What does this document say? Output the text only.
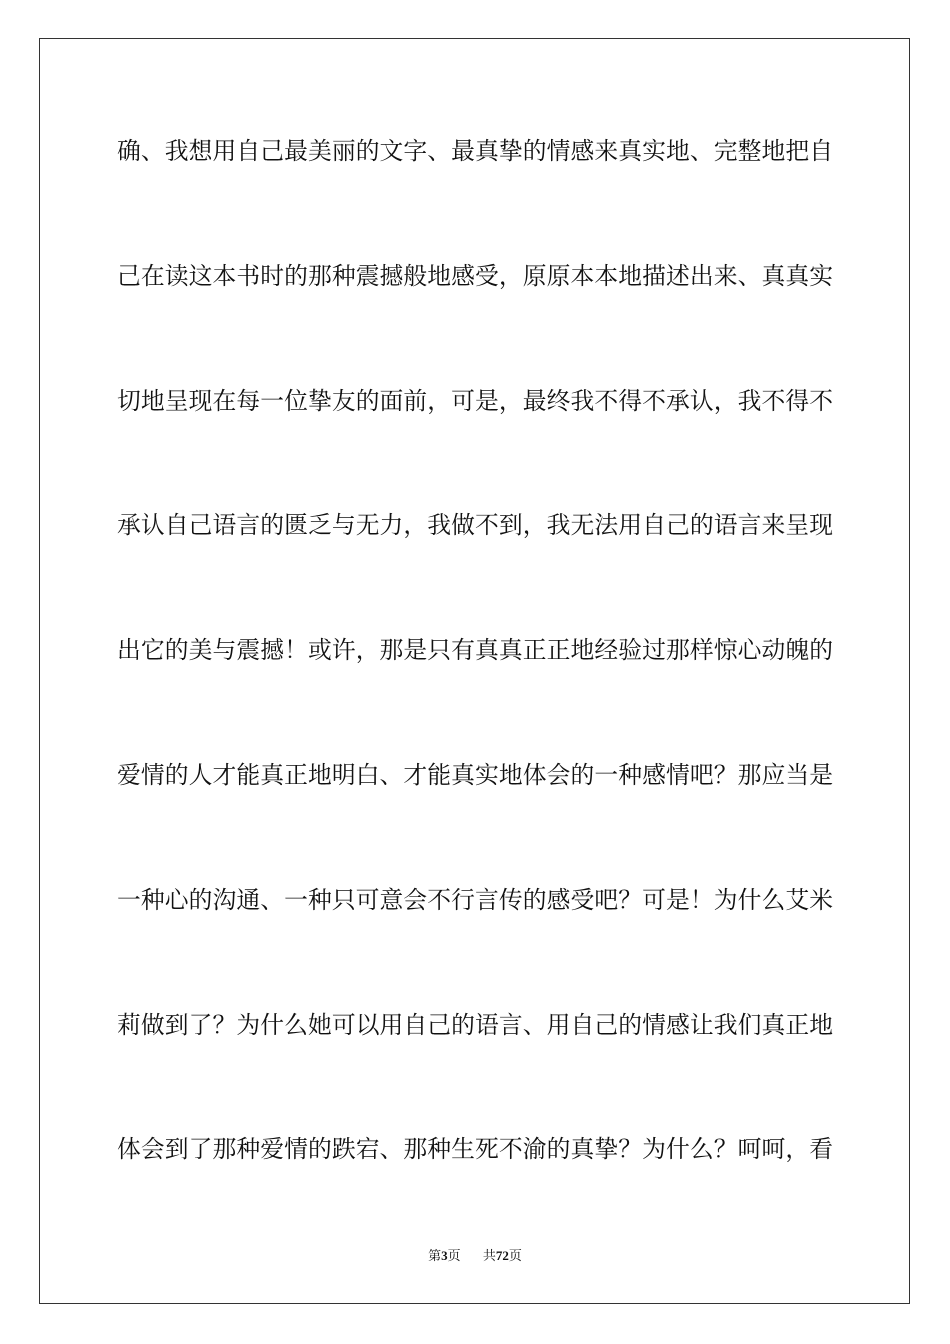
确、我想用自己最美丽的文字、最真挚的情感来真实地、完整地把自
己在读这本书时的那种震撼般地感受，原原本本地描述出来、真真实
切地呈现在每一位挚友的面前，可是，最终我不得不承认，我不得不
承认自己语言的匮乏与无力，我做不到，我无法用自己的语言来呈现
出它的美与震撼！或许，那是只有真真正正地经验过那样惊心动魄的
爱情的人才能真正地明白、才能真实地体会的一种感情吧？那应当是
一种心的沟通、一种只可意会不行言传的感受吧？可是！为什么艾米
莉做到了？为什么她可以用自己的语言、用自己的情感让我们真正地
体会到了那种爱情的跌宕、那种生死不渝的真挚？为什么？呵呵，看
第3页 共72页
